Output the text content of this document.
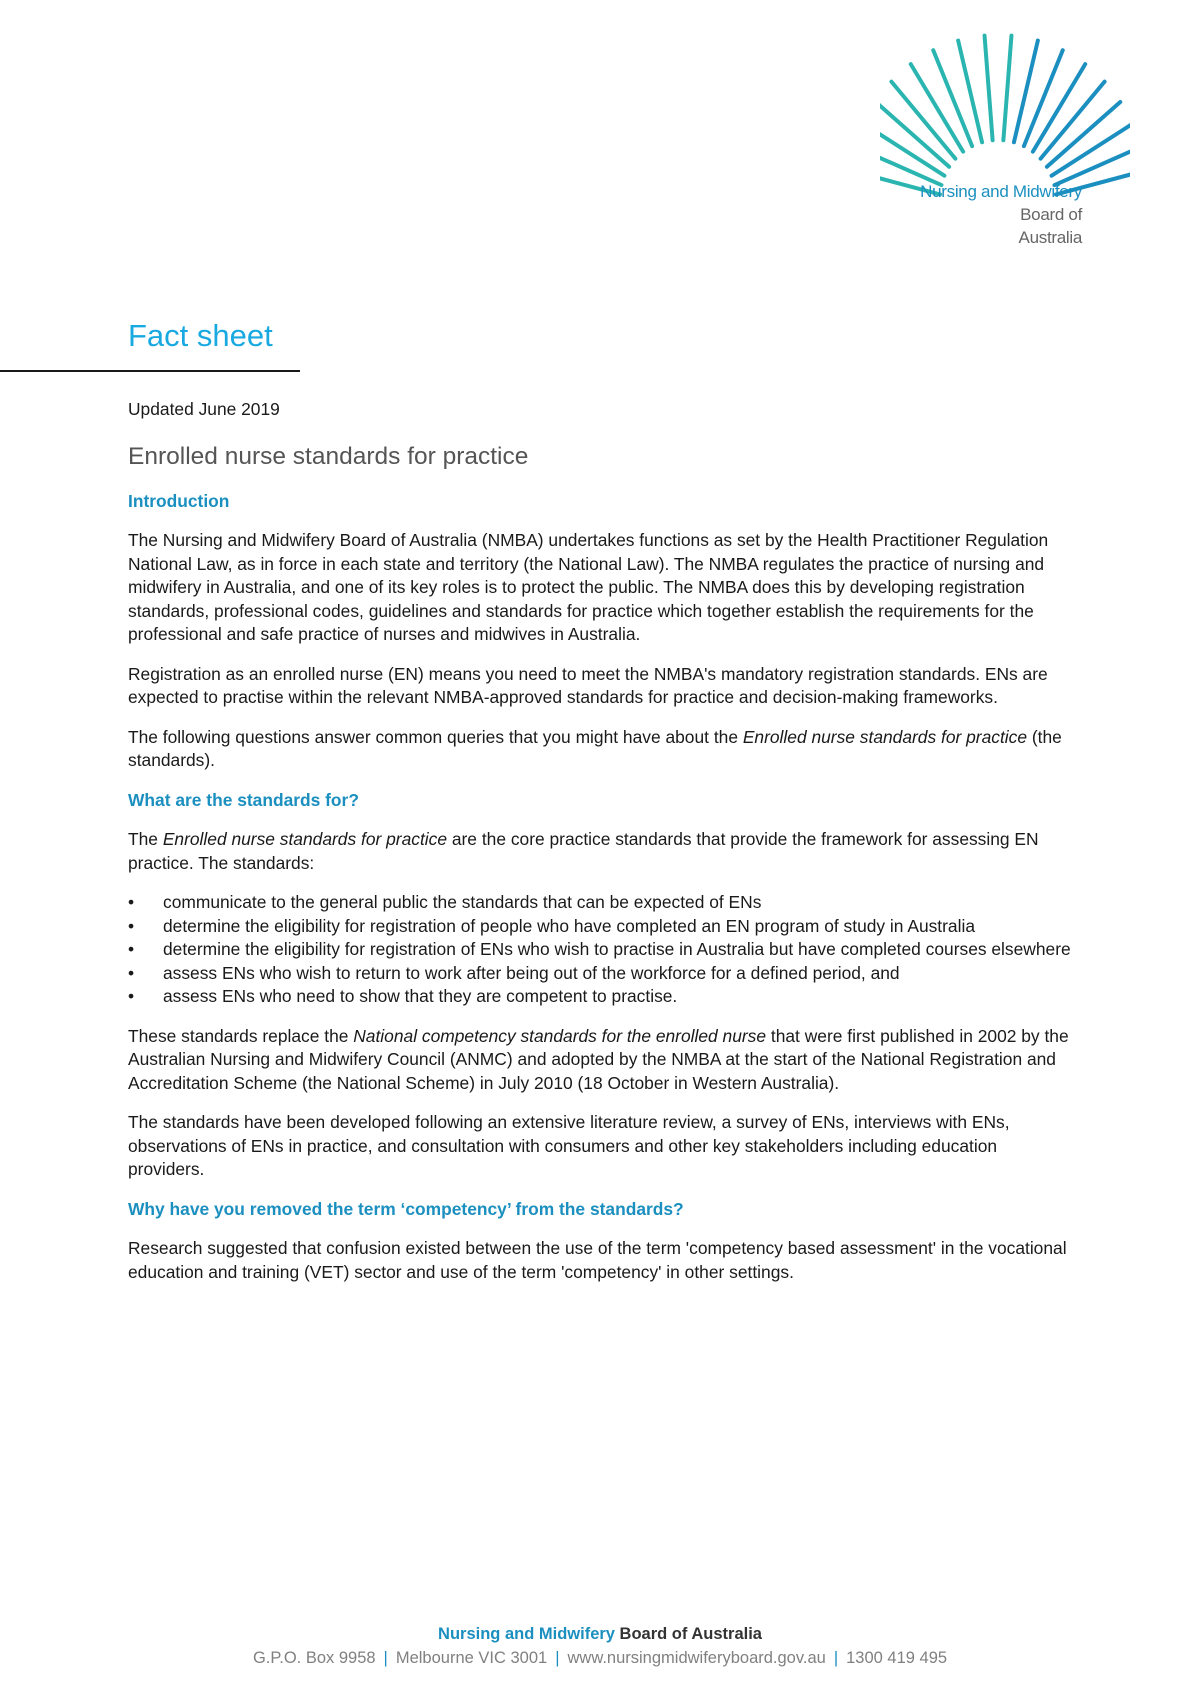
Nursing and Midwifery
Board of
Australia
Fact sheet

Updated June 2019

Enrolled nurse standards for practice
Introduction

The Nursing and Midwifery Board of Australia (NMBA) undertakes functions as set by the Health Practitioner Regulation National Law, as in force in each state and territory (the National Law). The NMBA regulates the practice of nursing and midwifery in Australia, and one of its key roles is to protect the public. The NMBA does this by developing registration standards, professional codes, guidelines and standards for practice which together establish the requirements for the professional and safe practice of nurses and midwives in Australia.

Registration as an enrolled nurse (EN) means you need to meet the NMBA's mandatory registration standards. ENs are expected to practise within the relevant NMBA-approved standards for practice and decision-making frameworks.

The following questions answer common queries that you might have about the Enrolled nurse standards for practice (the standards).

What are the standards for?

The Enrolled nurse standards for practice are the core practice standards that provide the framework for assessing EN practice. The standards:

• communicate to the general public the standards that can be expected of ENs
• determine the eligibility for registration of people who have completed an EN program of study in Australia
• determine the eligibility for registration of ENs who wish to practise in Australia but have completed courses elsewhere
• assess ENs who wish to return to work after being out of the workforce for a defined period, and
• assess ENs who need to show that they are competent to practise.

These standards replace the National competency standards for the enrolled nurse that were first published in 2002 by the Australian Nursing and Midwifery Council (ANMC) and adopted by the NMBA at the start of the National Registration and Accreditation Scheme (the National Scheme) in July 2010 (18 October in Western Australia).

The standards have been developed following an extensive literature review, a survey of ENs, interviews with ENs, observations of ENs in practice, and consultation with consumers and other key stakeholders including education providers.

Why have you removed the term ‘competency’ from the standards?

Research suggested that confusion existed between the use of the term 'competency based assessment' in the vocational education and training (VET) sector and use of the term 'competency' in other settings.

Nursing and Midwifery Board of Australia
G.P.O. Box 9958 | Melbourne VIC 3001 | www.nursingmidwiferyboard.gov.au | 1300 419 495
